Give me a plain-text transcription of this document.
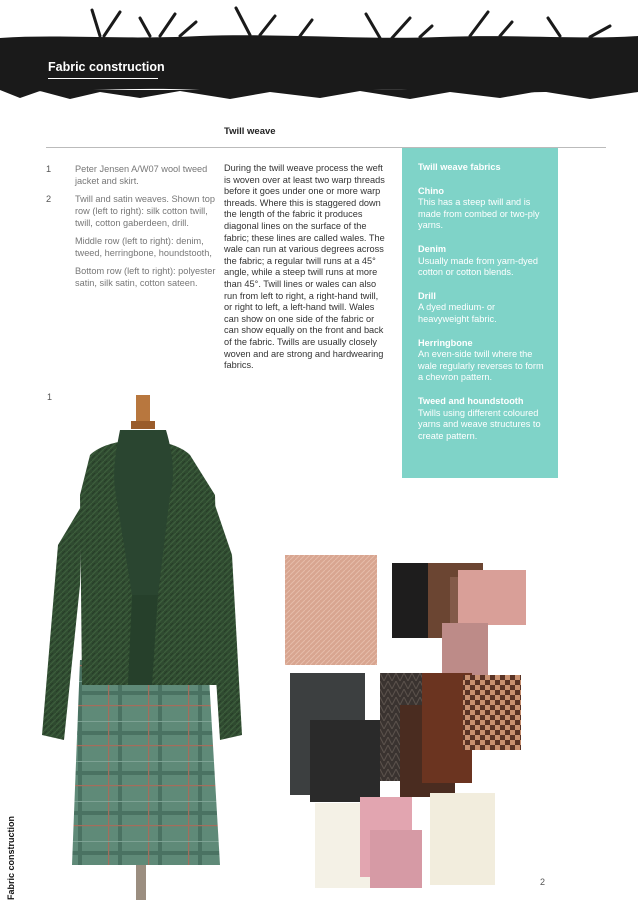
Fabric construction
Twill weave
1	Peter Jensen A/W07 wool tweed jacket and skirt.
2	Twill and satin weaves. Shown top row (left to right): silk cotton twill, twill, cotton gaberdeen, drill.
Middle row (left to right): denim, tweed, herringbone, houndstooth,
Bottom row (left to right): polyester satin, silk satin, cotton sateen.
1
During the twill weave process the weft is woven over at least two warp threads before it goes under one or more warp threads. Where this is staggered down the length of the fabric it produces diagonal lines on the surface of the fabric; these lines are called wales. The wale can run at various degrees across the fabric; a regular twill runs at a 45° angle, while a steep twill runs at more than 45°. Twill lines or wales can also run from left to right, a right-hand twill, or right to left, a left-hand twill. Wales can show on one side of the fabric or can show equally on the front and back of the fabric. Twills are usually closely woven and are strong and hardwearing fabrics.
Twill weave fabrics
Chino
This has a steep twill and is made from combed or two-ply yarns.
Denim
Usually made from yarn-dyed cotton or cotton blends.
Drill
A dyed medium- or heavyweight fabric.
Herringbone
An even-side twill where the wale regularly reverses to form a chevron pattern.
Tweed and houndstooth
Twills using different coloured yarns and weave structures to create pattern.
Fabric construction	2
